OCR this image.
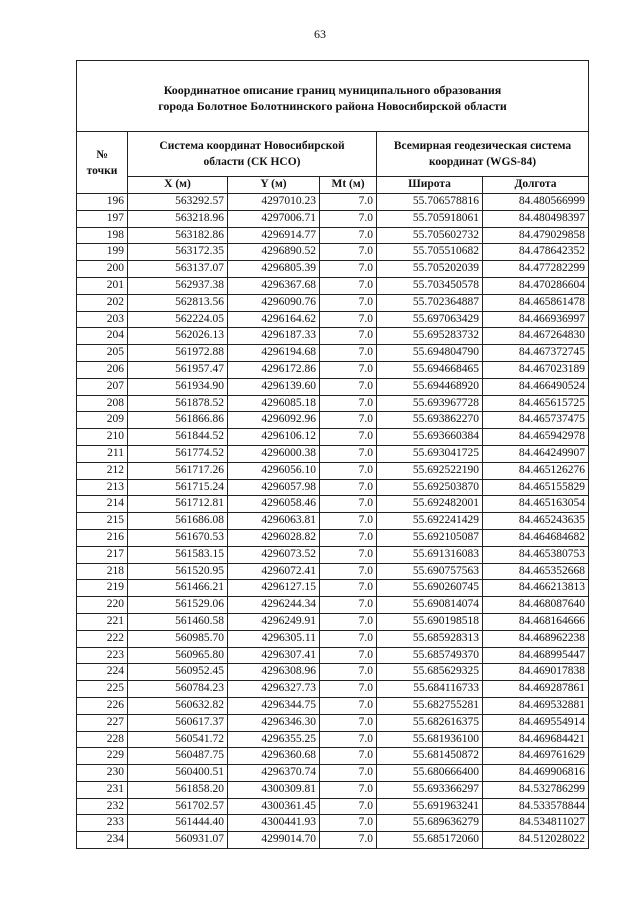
63
Координатное описание границ муниципального образования
города Болотное Болотнинского района Новосибирской области					

№
точки	Система координат Новосибирской
области (СК НСО)			Всемирная геодезическая система
координат (WGS-84)	

	X (м)	Y (м)	Mt (м)	Широта	Долгота
196	563292.57	4297010.23	7.0	55.706578816	84.480566999
197	563218.96	4297006.71	7.0	55.705918061	84.480498397
198	563182.86	4296914.77	7.0	55.705602732	84.479029858
199	563172.35	4296890.52	7.0	55.705510682	84.478642352
200	563137.07	4296805.39	7.0	55.705202039	84.477282299
201	562937.38	4296367.68	7.0	55.703450578	84.470286604
202	562813.56	4296090.76	7.0	55.702364887	84.465861478
203	562224.05	4296164.62	7.0	55.697063429	84.466936997
204	562026.13	4296187.33	7.0	55.695283732	84.467264830
205	561972.88	4296194.68	7.0	55.694804790	84.467372745
206	561957.47	4296172.86	7.0	55.694668465	84.467023189
207	561934.90	4296139.60	7.0	55.694468920	84.466490524
208	561878.52	4296085.18	7.0	55.693967728	84.465615725
209	561866.86	4296092.96	7.0	55.693862270	84.465737475
210	561844.52	4296106.12	7.0	55.693660384	84.465942978
211	561774.52	4296000.38	7.0	55.693041725	84.464249907
212	561717.26	4296056.10	7.0	55.692522190	84.465126276
213	561715.24	4296057.98	7.0	55.692503870	84.465155829
214	561712.81	4296058.46	7.0	55.692482001	84.465163054
215	561686.08	4296063.81	7.0	55.692241429	84.465243635
216	561670.53	4296028.82	7.0	55.692105087	84.464684682
217	561583.15	4296073.52	7.0	55.691316083	84.465380753
218	561520.95	4296072.41	7.0	55.690757563	84.465352668
219	561466.21	4296127.15	7.0	55.690260745	84.466213813
220	561529.06	4296244.34	7.0	55.690814074	84.468087640
221	561460.58	4296249.91	7.0	55.690198518	84.468164666
222	560985.70	4296305.11	7.0	55.685928313	84.468962238
223	560965.80	4296307.41	7.0	55.685749370	84.468995447
224	560952.45	4296308.96	7.0	55.685629325	84.469017838
225	560784.23	4296327.73	7.0	55.684116733	84.469287861
226	560632.82	4296344.75	7.0	55.682755281	84.469532881
227	560617.37	4296346.30	7.0	55.682616375	84.469554914
228	560541.72	4296355.25	7.0	55.681936100	84.469684421
229	560487.75	4296360.68	7.0	55.681450872	84.469761629
230	560400.51	4296370.74	7.0	55.680666400	84.469906816
231	561858.20	4300309.81	7.0	55.693366297	84.532786299
232	561702.57	4300361.45	7.0	55.691963241	84.533578844
233	561444.40	4300441.93	7.0	55.689636279	84.534811027
234	560931.07	4299014.70	7.0	55.685172060	84.512028022
